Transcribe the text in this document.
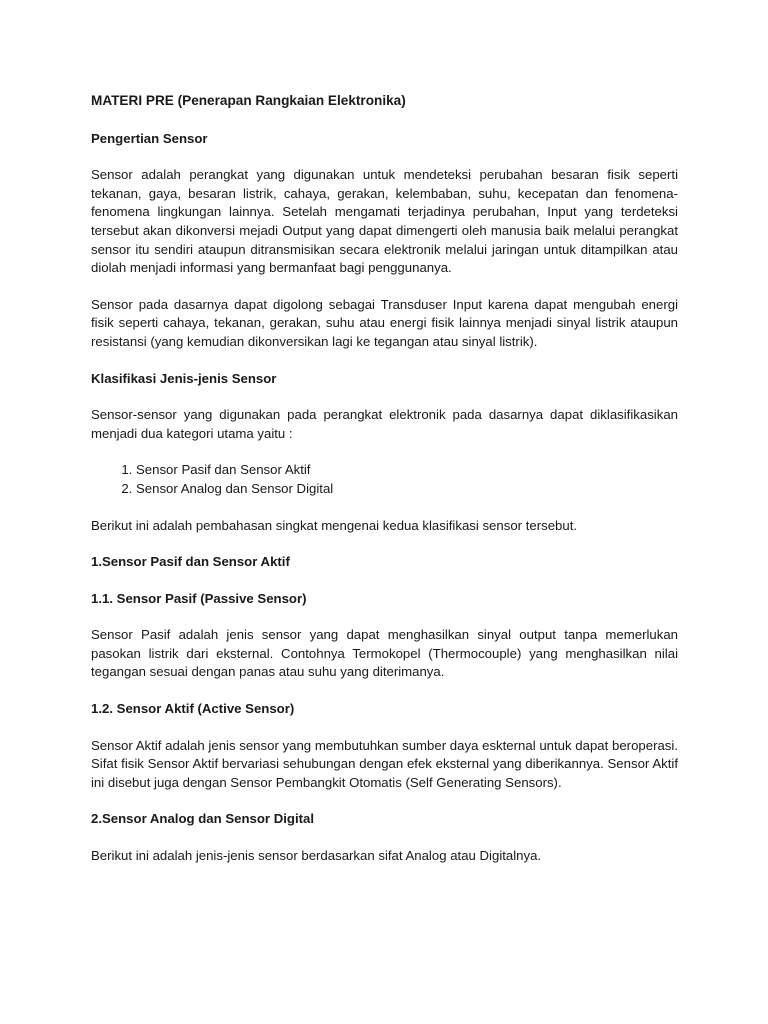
MATERI PRE (Penerapan Rangkaian Elektronika)

Pengertian Sensor

Sensor adalah perangkat yang digunakan untuk mendeteksi perubahan besaran fisik seperti tekanan, gaya, besaran listrik, cahaya, gerakan, kelembaban, suhu, kecepatan dan fenomena-fenomena lingkungan lainnya. Setelah mengamati terjadinya perubahan, Input yang terdeteksi tersebut akan dikonversi mejadi Output yang dapat dimengerti oleh manusia baik melalui perangkat sensor itu sendiri ataupun ditransmisikan secara elektronik melalui jaringan untuk ditampilkan atau diolah menjadi informasi yang bermanfaat bagi penggunanya.

Sensor pada dasarnya dapat digolong sebagai Transduser Input karena dapat mengubah energi fisik seperti cahaya, tekanan, gerakan, suhu atau energi fisik lainnya menjadi sinyal listrik ataupun resistansi (yang kemudian dikonversikan lagi ke tegangan atau sinyal listrik).

Klasifikasi Jenis-jenis Sensor

Sensor-sensor yang digunakan pada perangkat elektronik pada dasarnya dapat diklasifikasikan menjadi dua kategori utama yaitu :

1. Sensor Pasif dan Sensor Aktif
2. Sensor Analog dan Sensor Digital

Berikut ini adalah pembahasan singkat mengenai kedua klasifikasi sensor tersebut.

1.Sensor Pasif dan Sensor Aktif

1.1. Sensor Pasif (Passive Sensor)

Sensor Pasif adalah jenis sensor yang dapat menghasilkan sinyal output tanpa memerlukan pasokan listrik dari eksternal. Contohnya Termokopel (Thermocouple) yang menghasilkan nilai tegangan sesuai dengan panas atau suhu yang diterimanya.

1.2. Sensor Aktif (Active Sensor)

Sensor Aktif adalah jenis sensor yang membutuhkan sumber daya eskternal untuk dapat beroperasi. Sifat fisik Sensor Aktif bervariasi sehubungan dengan efek eksternal yang diberikannya. Sensor Aktif ini disebut juga dengan Sensor Pembangkit Otomatis (Self Generating Sensors).

2.Sensor Analog dan Sensor Digital

Berikut ini adalah jenis-jenis sensor berdasarkan sifat Analog atau Digitalnya.
